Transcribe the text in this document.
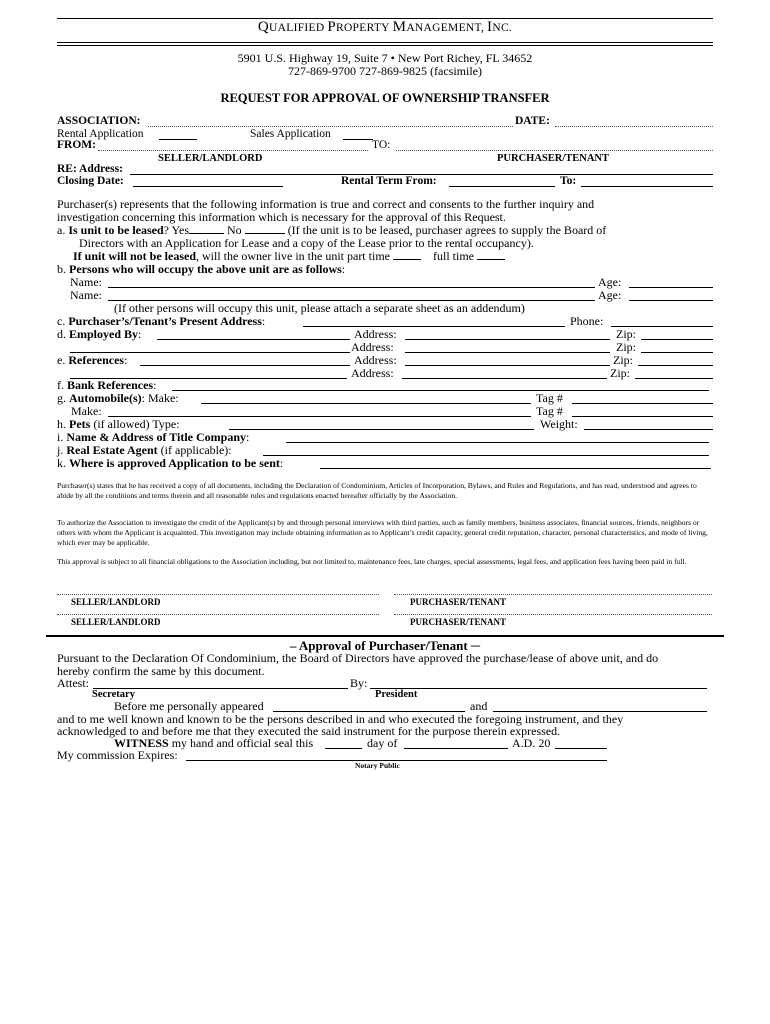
QUALIFIED PROPERTY MANAGEMENT, INC.
5901 U.S. Highway 19, Suite 7 • New Port Richey, FL 34652
727-869-9700 727-869-9825 (facsimile)
REQUEST FOR APPROVAL OF OWNERSHIP TRANSFER
ASSOCIATION:	DATE:
Rental Application	Sales Application
FROM:	TO:
SELLER/LANDLORD	PURCHASER/TENANT
RE: Address:
Closing Date:	Rental Term From:	To:
Purchaser(s) represents that the following information is true and correct and consents to the further inquiry and
investigation concerning this information which is necessary for the approval of this Request.
a. Is unit to be leased? Yes	No	(If the unit is to be leased, purchaser agrees to supply the Board of
Directors with an Application for Lease and a copy of the Lease prior to the rental occupancy).
If unit will not be leased, will the owner live in the unit part time	full time
b. Persons who will occupy the above unit are as follows:
Name:	Age:
Name:	Age:
(If other persons will occupy this unit, please attach a separate sheet as an addendum)
c. Purchaser’s/Tenant’s Present Address:	Phone:
d. Employed By:	Address:	Zip:
Address:	Zip:
e. References:	Address:	Zip:
Address:	Zip:
f. Bank References:
g. Automobile(s): Make:	Tag #
Make:	Tag #
h. Pets (if allowed) Type:	Weight:
i. Name & Address of Title Company:
j. Real Estate Agent (if applicable):
k. Where is approved Application to be sent:
Purchaser(s) states that he has received a copy of all documents, including the Declaration of Condominium, Articles of Incorporation, Bylaws, and Rules and Regulations, and has read, understood and agrees to abide by all the conditions and terms therein and all reasonable rules and regulations enacted hereafter officially by the Association.
To authorize the Association to investigate the credit of the Applicant(s) by and through personal interviews with third parties, such as family members, business associates, financial sources, friends, neighbors or others with whom the Applicant is acquainted. This investigation may include obtaining information as to Applicant’s credit capacity, general credit reputation, character, personal characteristics, and mode of living, which ever may be applicable.
This approval is subject to all financial obligations to the Association including, but not limited to, maintenance fees, late charges, special assessments, legal fees, and application fees having been paid in full.
SELLER/LANDLORD	PURCHASER/TENANT
SELLER/LANDLORD	PURCHASER/TENANT
– Approval of Purchaser/Tenant ─
Pursuant to the Declaration Of Condominium, the Board of Directors have approved the purchase/lease of above unit, and do
hereby confirm the same by this document.
Attest:	By:
Secretary	President
Before me personally appeared	and
and to me well known and known to be the persons described in and who executed the foregoing instrument, and they
acknowledged to and before me that they executed the said instrument for the purpose therein expressed.
WITNESS my hand and official seal this	day of	A.D. 20
My commission Expires:
Notary Public
